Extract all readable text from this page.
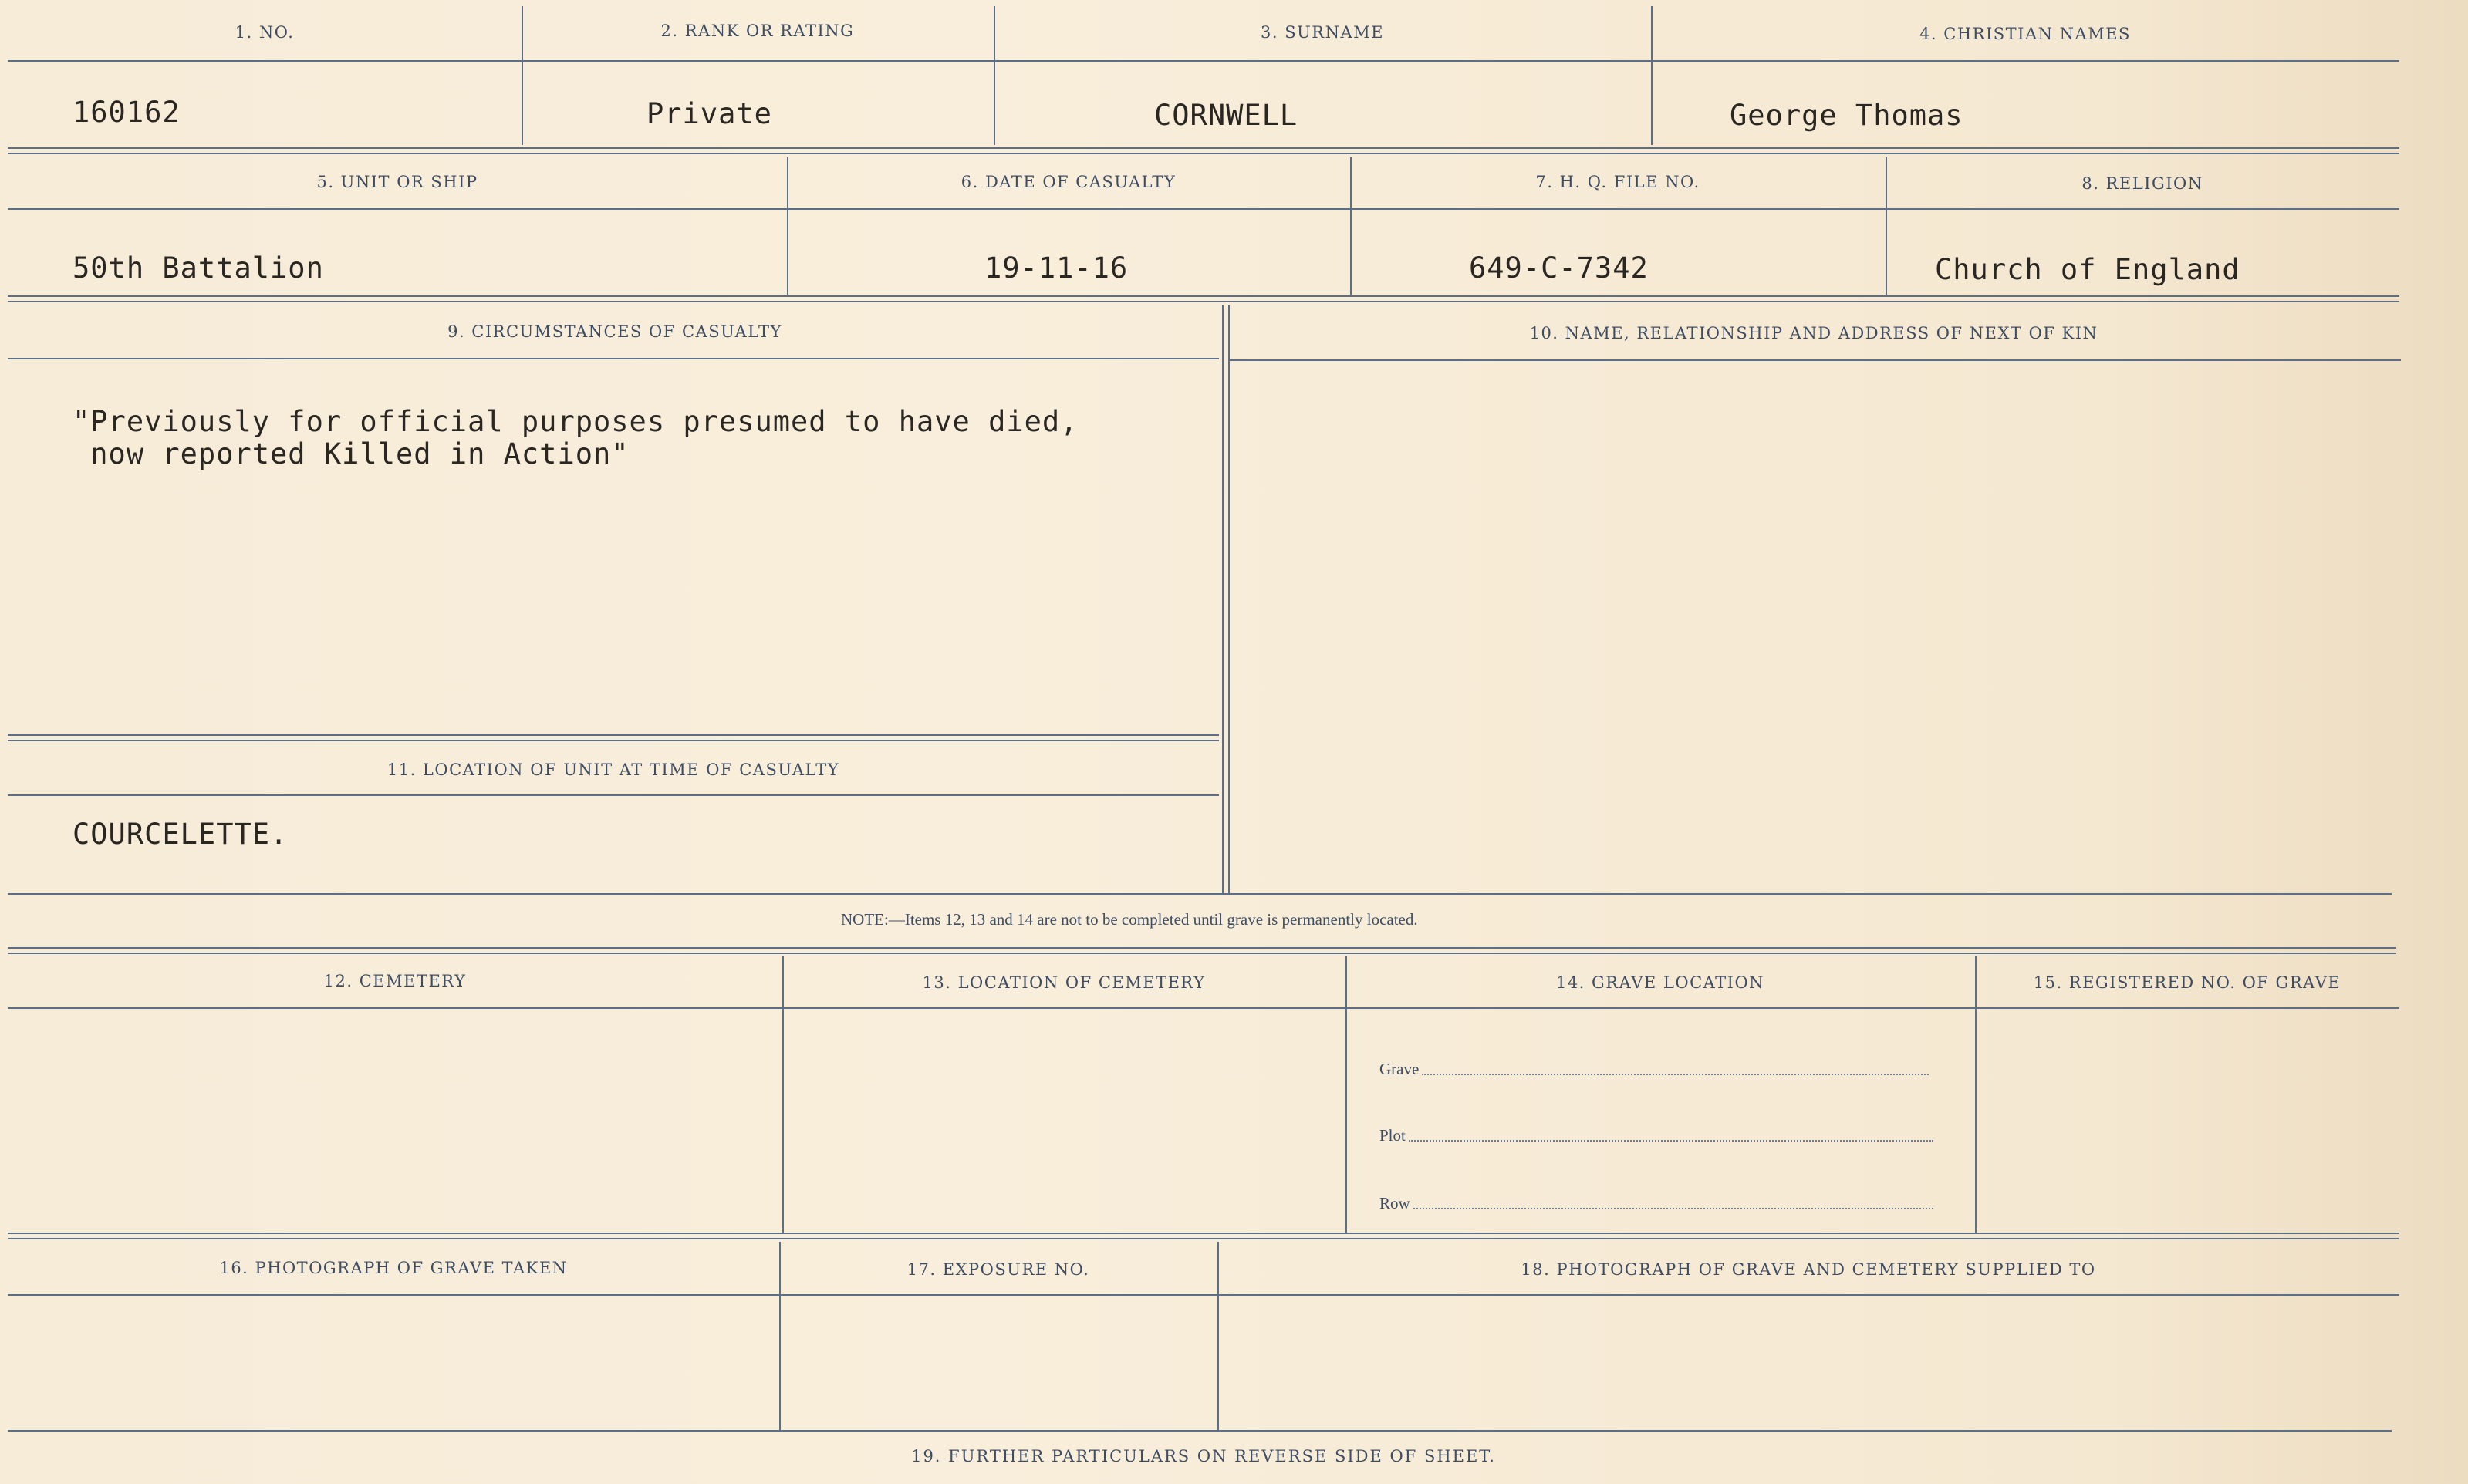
1. NO.	2. RANK OR RATING	3. SURNAME	4. CHRISTIAN NAMES
160162	Private	CORNWELL	George Thomas
5. UNIT OR SHIP	6. DATE OF CASUALTY	7. H. Q. FILE NO.	8. RELIGION
50th Battalion	19-11-16	649-C-7342	Church of England
9. CIRCUMSTANCES OF CASUALTY	10. NAME, RELATIONSHIP AND ADDRESS OF NEXT OF KIN
"Previously for official purposes presumed to have died,
now reported Killed in Action"
11. LOCATION OF UNIT AT TIME OF CASUALTY
COURCELETTE.
NOTE:—Items 12, 13 and 14 are not to be completed until grave is permanently located.
12. CEMETERY	13. LOCATION OF CEMETERY	14. GRAVE LOCATION	15. REGISTERED NO. OF GRAVE
Grave
Plot
Row
16. PHOTOGRAPH OF GRAVE TAKEN	17. EXPOSURE NO.	18. PHOTOGRAPH OF GRAVE AND CEMETERY SUPPLIED TO
19. FURTHER PARTICULARS ON REVERSE SIDE OF SHEET.
